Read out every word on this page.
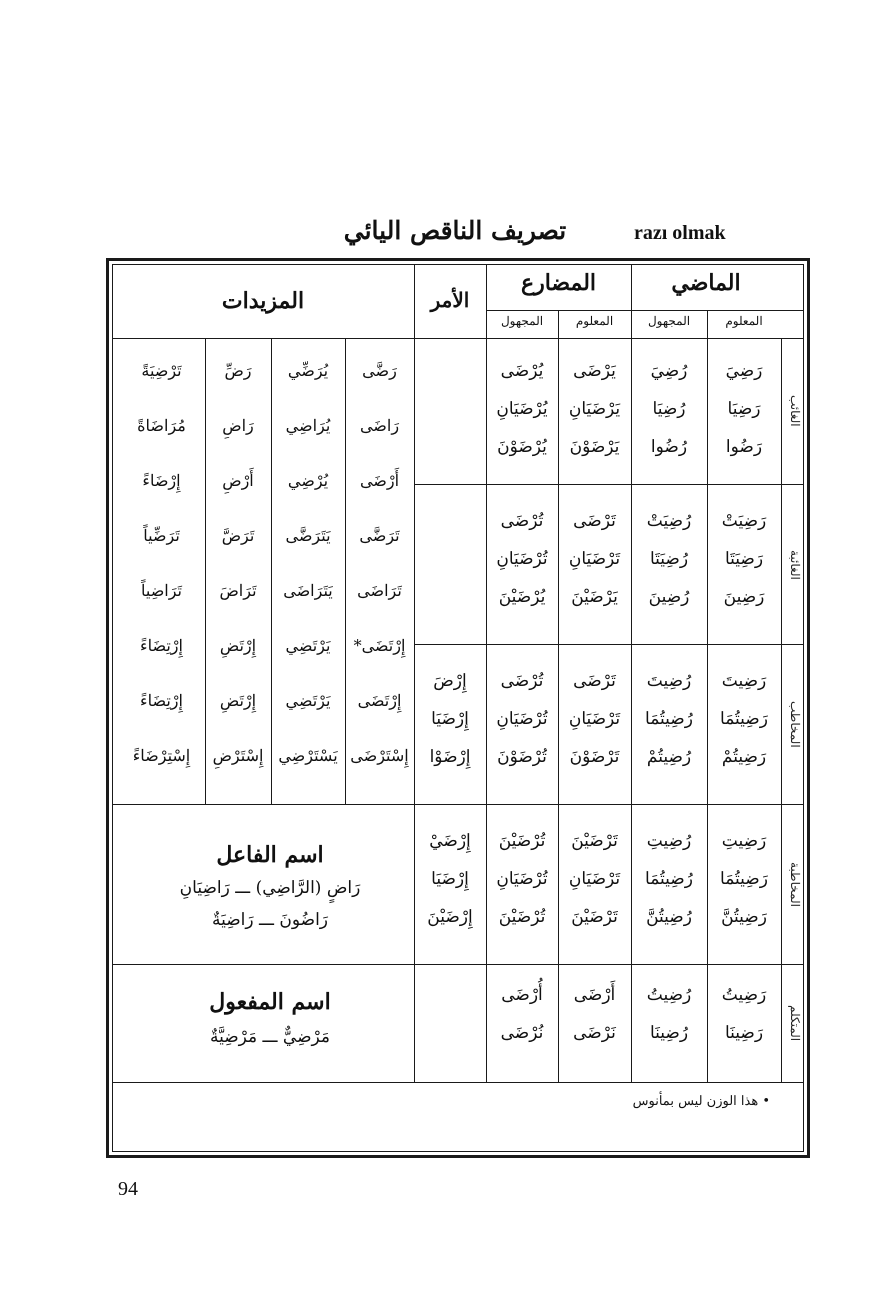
تصريف الناقص اليائي	razı olmak
الماضي
المضارع
الأمر
المزيدات
المعلوم
المجهول
المعلوم
المجهول
الغائب
الغائبة
المخاطب
المخاطبة
المتكلم
رَضِيَ
رَضِيَا
رَضُوا
رُضِيَ
رُضِيَا
رُضُوا
يَرْضَى
يَرْضَيَانِ
يَرْضَوْنَ
يُرْضَى
يُرْضَيَانِ
يُرْضَوْنَ
رَضِيَتْ
رَضِيَتَا
رَضِينَ
رُضِيَتْ
رُضِيَتَا
رُضِينَ
تَرْضَى
تَرْضَيَانِ
يَرْضَيْنَ
تُرْضَى
تُرْضَيَانِ
يُرْضَيْنَ
رَضِيتَ
رَضِيتُمَا
رَضِيتُمْ
رُضِيتَ
رُضِيتُمَا
رُضِيتُمْ
تَرْضَى
تَرْضَيَانِ
تَرْضَوْنَ
تُرْضَى
تُرْضَيَانِ
تُرْضَوْنَ
إِرْضَ
إِرْضَيَا
إِرْضَوْا
رَضِيتِ
رَضِيتُمَا
رَضِيتُنَّ
رُضِيتِ
رُضِيتُمَا
رُضِيتُنَّ
تَرْضَيْنَ
تَرْضَيَانِ
تَرْضَيْنَ
تُرْضَيْنَ
تُرْضَيَانِ
تُرْضَيْنَ
إِرْضَيْ
إِرْضَيَا
إِرْضَيْنَ
رَضِيتُ
رَضِينَا
رُضِيتُ
رُضِينَا
أَرْضَى
نَرْضَى
أُرْضَى
نُرْضَى
رَضَّى
رَاضَى
أَرْضَى
تَرَضَّى
تَرَاضَى
إِرْتَضَى*
إِرْتَضَى
إِسْتَرْضَى
يُرَضِّي
يُرَاضِي
يُرْضِي
يَتَرَضَّى
يَتَرَاضَى
يَرْتَضِي
يَرْتَضِي
يَسْتَرْضِي
رَضِّ
رَاضِ
أَرْضِ
تَرَضَّ
تَرَاضَ
إِرْتَضِ
إِرْتَضِ
إِسْتَرْضِ
تَرْضِيَةً
مُرَاضَاةً
إِرْضَاءً
تَرَضِّياً
تَرَاضِياً
إِرْتِضَاءً
إِرْتِضَاءً
إِسْتِرْضَاءً
اسم الفاعل
رَاضٍ (الرَّاضِي) ـــ رَاضِيَانِ
رَاضُونَ ـــ رَاضِيَةٌ
اسم المفعول
مَرْضِيٌّ ـــ مَرْضِيَّةٌ
• هذا الوزن ليس بمأنوس
94
